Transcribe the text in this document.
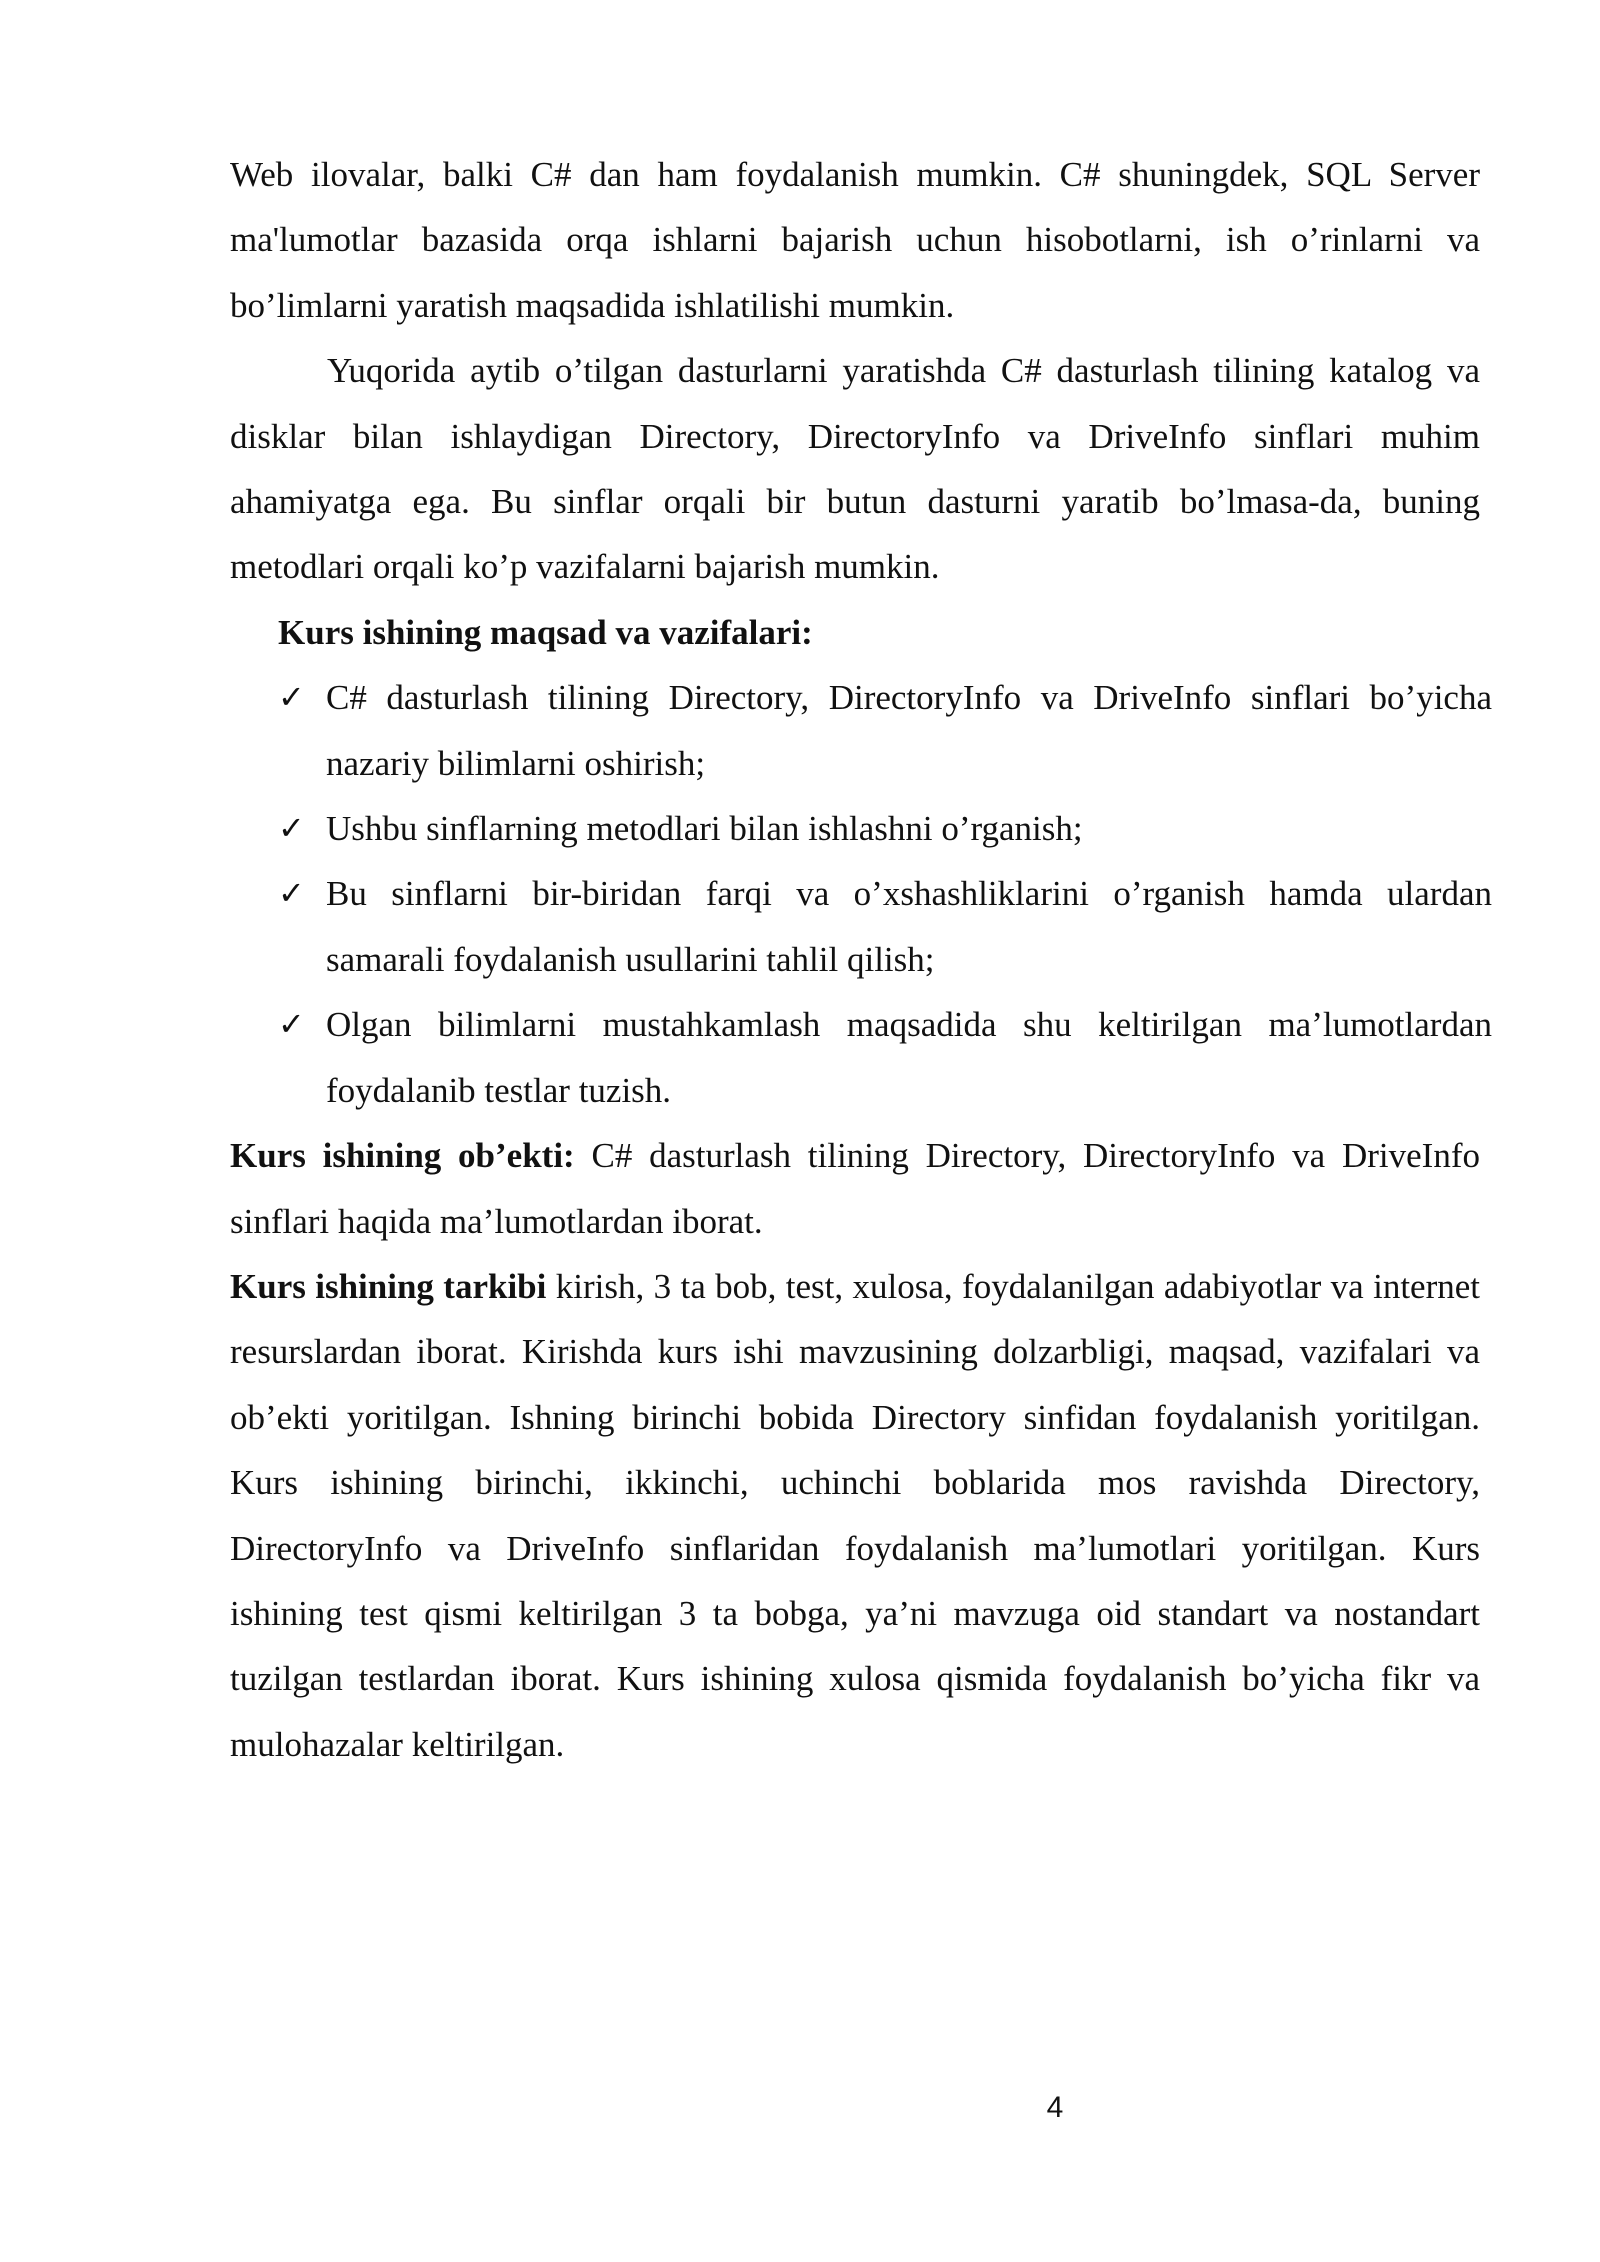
Web ilovalar, balki C# dan ham foydalanish mumkin. C# shuningdek, SQL Server ma'lumotlar bazasida orqa ishlarni bajarish uchun hisobotlarni, ish o’rinlarni va bo’limlarni yaratish maqsadida ishlatilishi mumkin.

Yuqorida aytib o’tilgan dasturlarni yaratishda C# dasturlash tilining katalog va disklar bilan ishlaydigan Directory, DirectoryInfo va DriveInfo sinflari muhim ahamiyatga ega. Bu sinflar orqali bir butun dasturni yaratib bo’lmasa-da, buning metodlari orqali ko’p vazifalarni bajarish mumkin.

Kurs ishining maqsad va vazifalari:

✓ C# dasturlash tilining Directory, DirectoryInfo va DriveInfo sinflari bo’yicha nazariy bilimlarni oshirish;
✓ Ushbu sinflarning metodlari bilan ishlashni o’rganish;
✓ Bu sinflarni bir-biridan farqi va o’xshashliklarini o’rganish hamda ulardan samarali foydalanish usullarini tahlil qilish;
✓ Olgan bilimlarni mustahkamlash maqsadida shu keltirilgan ma’lumotlardan foydalanib testlar tuzish.

Kurs ishining ob’ekti: C# dasturlash tilining Directory, DirectoryInfo va DriveInfo sinflari haqida ma’lumotlardan iborat.

Kurs ishining tarkibi kirish, 3 ta bob, test, xulosa, foydalanilgan adabiyotlar va internet resurslardan iborat. Kirishda kurs ishi mavzusining dolzarbligi, maqsad, vazifalari va ob’ekti yoritilgan. Ishning birinchi bobida Directory sinfidan foydalanish yoritilgan. Kurs ishining birinchi, ikkinchi, uchinchi boblarida mos ravishda Directory, DirectoryInfo va DriveInfo sinflaridan foydalanish ma’lumotlari yoritilgan. Kurs ishining test qismi keltirilgan 3 ta bobga, ya’ni mavzuga oid standart va nostandart tuzilgan testlardan iborat. Kurs ishining xulosa qismida foydalanish bo’yicha fikr va mulohazalar keltirilgan.

4
